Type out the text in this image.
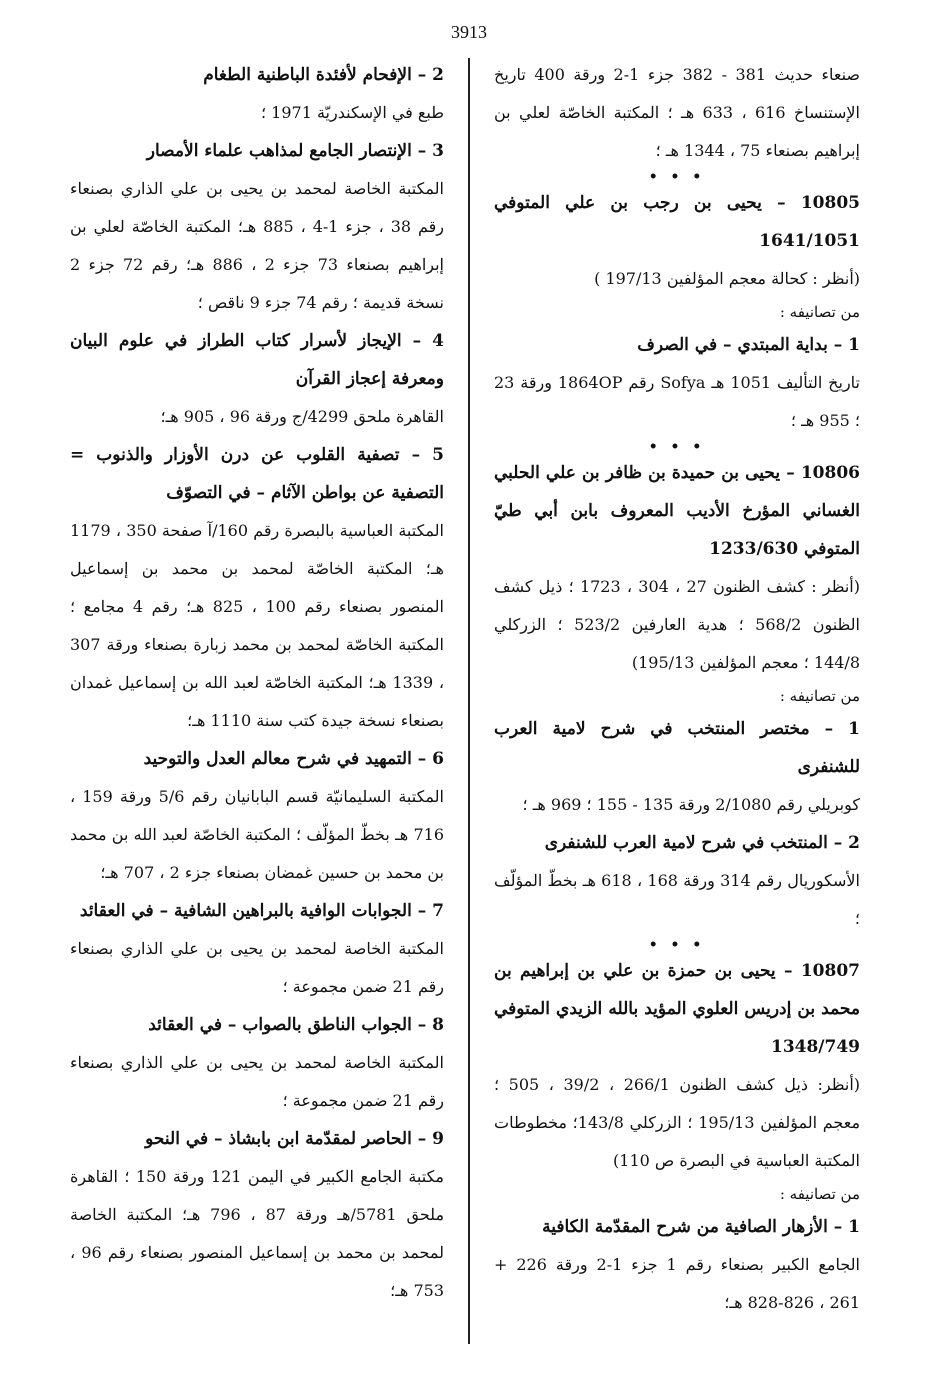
3913

صنعاء حديث 381 - 382 جزء 1-2 ورقة 400 تاريخ الإستنساخ 616 ، 633 هـ ؛ المكتبة الخاصّة لعلي بن إبراهيم بصنعاء 75 ، 1344 هـ ؛

• • •

10805 – يحيى بن رجب بن علي المتوفي 1641/1051

(أنظر : كحالة معجم المؤلفين 197/13 )

من تصانيفه :

1 – بداية المبتدي – في الصرف

تاريخ التأليف 1051 هـ Sofya رقم 1864OP ورقة 23 ؛ 955 هـ ؛

• • •

10806 – يحيى بن حميدة بن ظافر بن علي الحلبي الغساني المؤرخ الأديب المعروف بابن أبي طيّ المتوفي 1233/630

(أنظر : كشف الظنون 27 ، 304 ، 1723 ؛ ذيل كشف الظنون 568/2 ؛ هدية العارفين 523/2 ؛ الزركلي 144/8 ؛ معجم المؤلفين 195/13)

من تصانيفه :

1 – مختصر المنتخب في شرح لامية العرب للشنفرى

كوبريلي رقم 2/1080 ورقة 135 - 155 ؛ 969 هـ ؛

2 – المنتخب في شرح لامية العرب للشنفرى

الأسكوريال رقم 314 ورقة 168 ، 618 هـ بخطّ المؤلّف ؛

• • •

10807 – يحيى بن حمزة بن علي بن إبراهيم بن محمد بن إدريس العلوي المؤيد بالله الزيدي المتوفي 1348/749

(أنظر: ذيل كشف الظنون 266/1 ، 39/2 ، 505 ؛ معجم المؤلفين 195/13 ؛ الزركلي 143/8؛ مخطوطات المكتبة العباسية في البصرة ص 110)

من تصانيفه :

1 – الأزهار الصافية من شرح المقدّمة الكافية

الجامع الكبير بصنعاء رقم 1 جزء 1-2 ورقة 226 + 261 ، 826-828 هـ؛

2 – الإفحام لأفئدة الباطنية الطغام

طبع في الإسكندريّة 1971 ؛

3 – الإنتصار الجامع لمذاهب علماء الأمصار

المكتبة الخاصة لمحمد بن يحيى بن علي الذاري بصنعاء رقم 38 ، جزء 1-4 ، 885 هـ؛ المكتبة الخاصّة لعلي بن إبراهيم بصنعاء 73 جزء 2 ، 886 هـ؛ رقم 72 جزء 2 نسخة قديمة ؛ رقم 74 جزء 9 ناقص ؛

4 – الإيجاز لأسرار كتاب الطراز في علوم البيان ومعرفة إعجاز القرآن

القاهرة ملحق 4299/ج ورقة 96 ، 905 هـ؛

5 – تصفية القلوب عن درن الأوزار والذنوب = التصفية عن بواطن الآثام – في التصوّف

المكتبة العباسية بالبصرة رقم 160/آ صفحة 350 ، 1179 هـ؛ المكتبة الخاصّة لمحمد بن محمد بن إسماعيل المنصور بصنعاء رقم 100 ، 825 هـ؛ رقم 4 مجامع ؛ المكتبة الخاصّة لمحمد بن محمد زبارة بصنعاء ورقة 307 ، 1339 هـ؛ المكتبة الخاصّة لعبد الله بن إسماعيل غمدان بصنعاء نسخة جيدة كتب سنة 1110 هـ؛

6 – التمهيد في شرح معالم العدل والتوحيد

المكتبة السليمانيّة قسم البابانيان رقم 5/6 ورقة 159 ، 716 هـ بخطّ المؤلّف ؛ المكتبة الخاصّة لعبد الله بن محمد بن محمد بن حسين غمضان بصنعاء جزء 2 ، 707 هـ؛

7 – الجوابات الوافية بالبراهين الشافية – في العقائد

المكتبة الخاصة لمحمد بن يحيى بن علي الذاري بصنعاء رقم 21 ضمن مجموعة ؛

8 – الجواب الناطق بالصواب – في العقائد

المكتبة الخاصة لمحمد بن يحيى بن علي الذاري بصنعاء رقم 21 ضمن مجموعة ؛

9 – الحاصر لمقدّمة ابن بابشاذ – في النحو

مكتبة الجامع الكبير في اليمن 121 ورقة 150 ؛ القاهرة ملحق 5781/هـ ورقة 87 ، 796 هـ؛ المكتبة الخاصة لمحمد بن محمد بن إسماعيل المنصور بصنعاء رقم 96 ، 753 هـ؛
